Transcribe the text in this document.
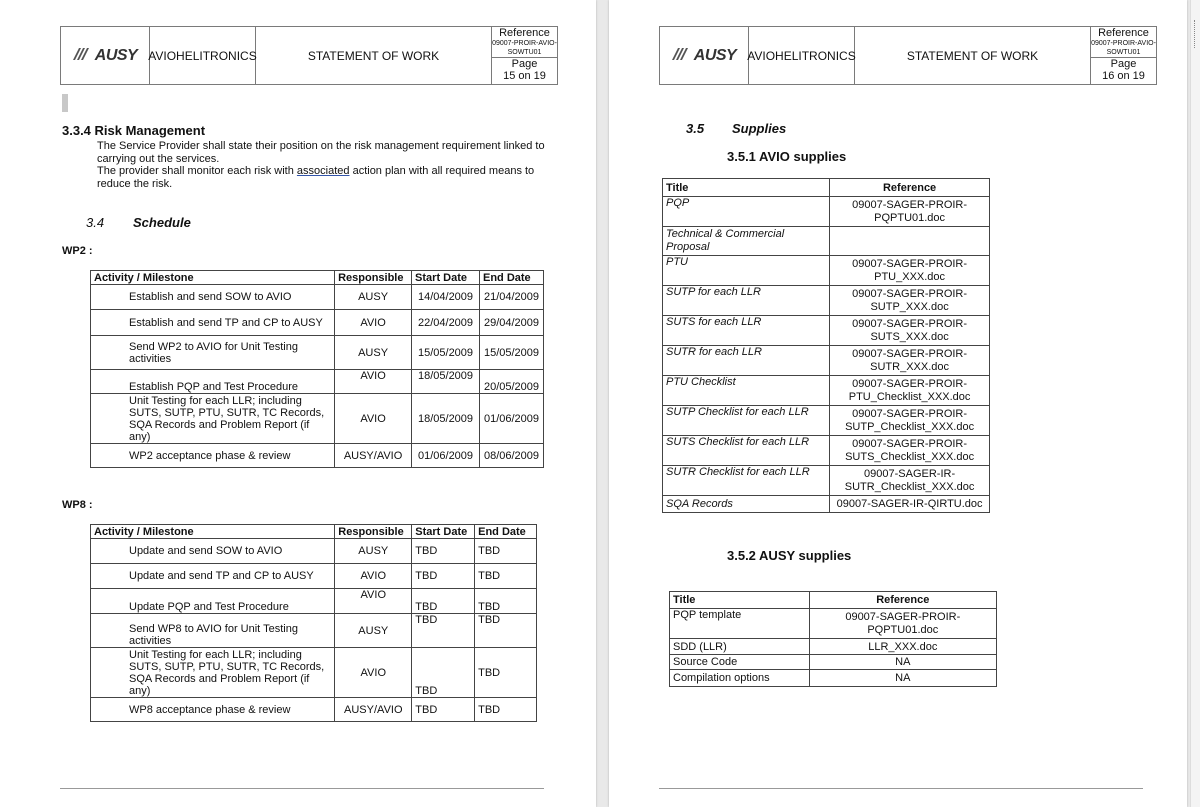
AUSY AVIOHELITRONICS	STATEMENT OF WORK
Reference
09007-PROIR-AVIO-SOWTU01
Page
15 on 19
3.3.4 Risk Management
The Service Provider shall state their position on the risk management requirement linked to
carrying out the services.
The provider shall monitor each risk with associated action plan with all required means to
reduce the risk.
3.4 Schedule
WP2 :
Activity / Milestone	Responsible	Start Date	End Date
Establish and send SOW to AVIO	AUSY	14/04/2009	21/04/2009
Establish and send TP and CP to AUSY	AVIO	22/04/2009	29/04/2009
Send WP2 to AVIO for Unit Testing activities	AUSY	15/05/2009	15/05/2009
Establish PQP and Test Procedure	AVIO	18/05/2009	20/05/2009
Unit Testing for each LLR; including SUTS, SUTP, PTU, SUTR, TC Records, SQA Records and Problem Report (if any)	AVIO	18/05/2009	01/06/2009
WP2 acceptance phase & review	AUSY/AVIO	01/06/2009	08/06/2009
WP8 :
Activity / Milestone	Responsible	Start Date	End Date
Update and send SOW to AVIO	AUSY	TBD	TBD
Update and send TP and CP to AUSY	AVIO	TBD	TBD
Update PQP and Test Procedure	AVIO	TBD	TBD
Send WP8 to AVIO for Unit Testing activities	AUSY	TBD	TBD
Unit Testing for each LLR; including SUTS, SUTP, PTU, SUTR, TC Records, SQA Records and Problem Report (if any)	AVIO	TBD	TBD
WP8 acceptance phase & review	AUSY/AVIO	TBD	TBD
AUSY AVIOHELITRONICS	STATEMENT OF WORK
Reference
09007-PROIR-AVIO-SOWTU01
Page
16 on 19
3.5 Supplies
3.5.1 AVIO supplies
Title	Reference
PQP	09007-SAGER-PROIR-PQPTU01.doc
Technical & Commercial Proposal	
PTU	09007-SAGER-PROIR-PTU_XXX.doc
SUTP for each LLR	09007-SAGER-PROIR-SUTP_XXX.doc
SUTS for each LLR	09007-SAGER-PROIR-SUTS_XXX.doc
SUTR for each LLR	09007-SAGER-PROIR-SUTR_XXX.doc
PTU Checklist	09007-SAGER-PROIR-PTU_Checklist_XXX.doc
SUTP Checklist for each LLR	09007-SAGER-PROIR-SUTP_Checklist_XXX.doc
SUTS Checklist for each LLR	09007-SAGER-PROIR-SUTS_Checklist_XXX.doc
SUTR Checklist for each LLR	09007-SAGER-IR-SUTR_Checklist_XXX.doc
SQA Records	09007-SAGER-IR-QIRTU.doc
3.5.2 AUSY supplies
Title	Reference
PQP template	09007-SAGER-PROIR-PQPTU01.doc
SDD (LLR)	LLR_XXX.doc
Source Code	NA
Compilation options	NA
